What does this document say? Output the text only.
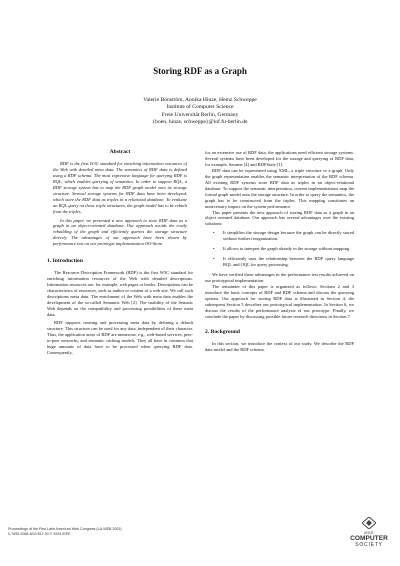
Storing RDF as a Graph
Valerie Bönström, Annika Hinze, Heinz Schweppe
Institute of Computer Science
Freie Universität Berlin, Germany
{boen, hinze, schweppe}@inf.fu-berlin.de
Abstract

RDF is the first W3C standard for enriching information resources of the Web with detailed meta data. The semantics of RDF data is defined using a RDF schema. The most expressive language for querying RDF is RQL, which enables querying of semantics. In order to support RQL, a RDF storage system has to map the RDF graph model onto its storage structure. Several storage systems for RDF data have been developed, which store the RDF data as triples in a relational database. To evaluate an RQL query on those triple structures, the graph model has to be rebuilt from the triples.

In this paper, we presented a new approach to store RDF data as a graph in an object-oriented database. Our approach avoids the costly rebuilding of the graph and efficiently queries the storage structure directly. The advantages of our approach have been shown by performance test on our prototype implementation OO-Store.

1. Introduction

The Resource Description Framework (RDF) is the first W3C standard for enriching information resources of the Web with detailed descriptions. Information resources are, for example, web pages or books. Descriptions can be characteristics of resources, such as author or content of a web site. We call such descriptions meta data. The enrichment of the Web with meta data enables the development of the so-called Semantic Web [2]. The usability of the Sematic Web depends on the compatibility and processing possibilities of these meta data.

RDF supports creating and processing meta data by defining a default structure. This structure can be used for any data, independent of their character. Thus, the application areas of RDF are numerous, e.g., web-based services, peer-to-peer networks, and semantic caching models. They all have in common that huge amounts of data have to be processed when querying RDF data. Consequently,

for an extensive use of RDF data, the applications need efficient storage systems. Several systems have been developed for the storage and querying of RDF data, for example, Sesame [4] and RDFSuite [1].

RDF data can be represented using XML, a triple structure or a graph. Only the graph representation enables the semantic interpretation of the RDF schema. All existing RDF systems store RDF data as triples in an object-relational database. To support the semantic interpretation, current implementations map the formal graph model onto the storage structure. In order to query the semantics, the graph has to be constructed from the triples. This mapping constitutes an unnecessary impact on the system performance.

This paper presents the new approach of storing RDF data as a graph in an object oriented database. Our approach has several advantages over the existing solutions:

• It simplifies the storage design because the graph can be directly stored without further reorganization.
• It allows to interpret the graph already in the storage without mapping.
• It efficiently uses the relationship between the RDF query language RQL and OQL for query processing.

We have verified these advantages in the performance test results achieved on our prototypical implementation.

The remainder of this paper is organized as follows: Sections 2 and 3 introduce the basic concepts of RDF and RDF schema and discuss the querying options. Our approach for storing RDF data is illustrated in Section 4, the subsequent Section 5 describes our prototypical implementation. In Section 6, we discuss the results of the performance analysis of our prototype. Finally, we conclude the paper by discussing possible future research directions in Section 7.

2. Background

In this section, we introduce the context of our study. We describe the RDF data model and the RDF schema.

Proceedings of the First Latin American Web Congress (LA-WEB 2003)
0-7695-2058-8/03 $17.00 © 2003 IEEE	IEEE
COMPUTER
SOCIETY
